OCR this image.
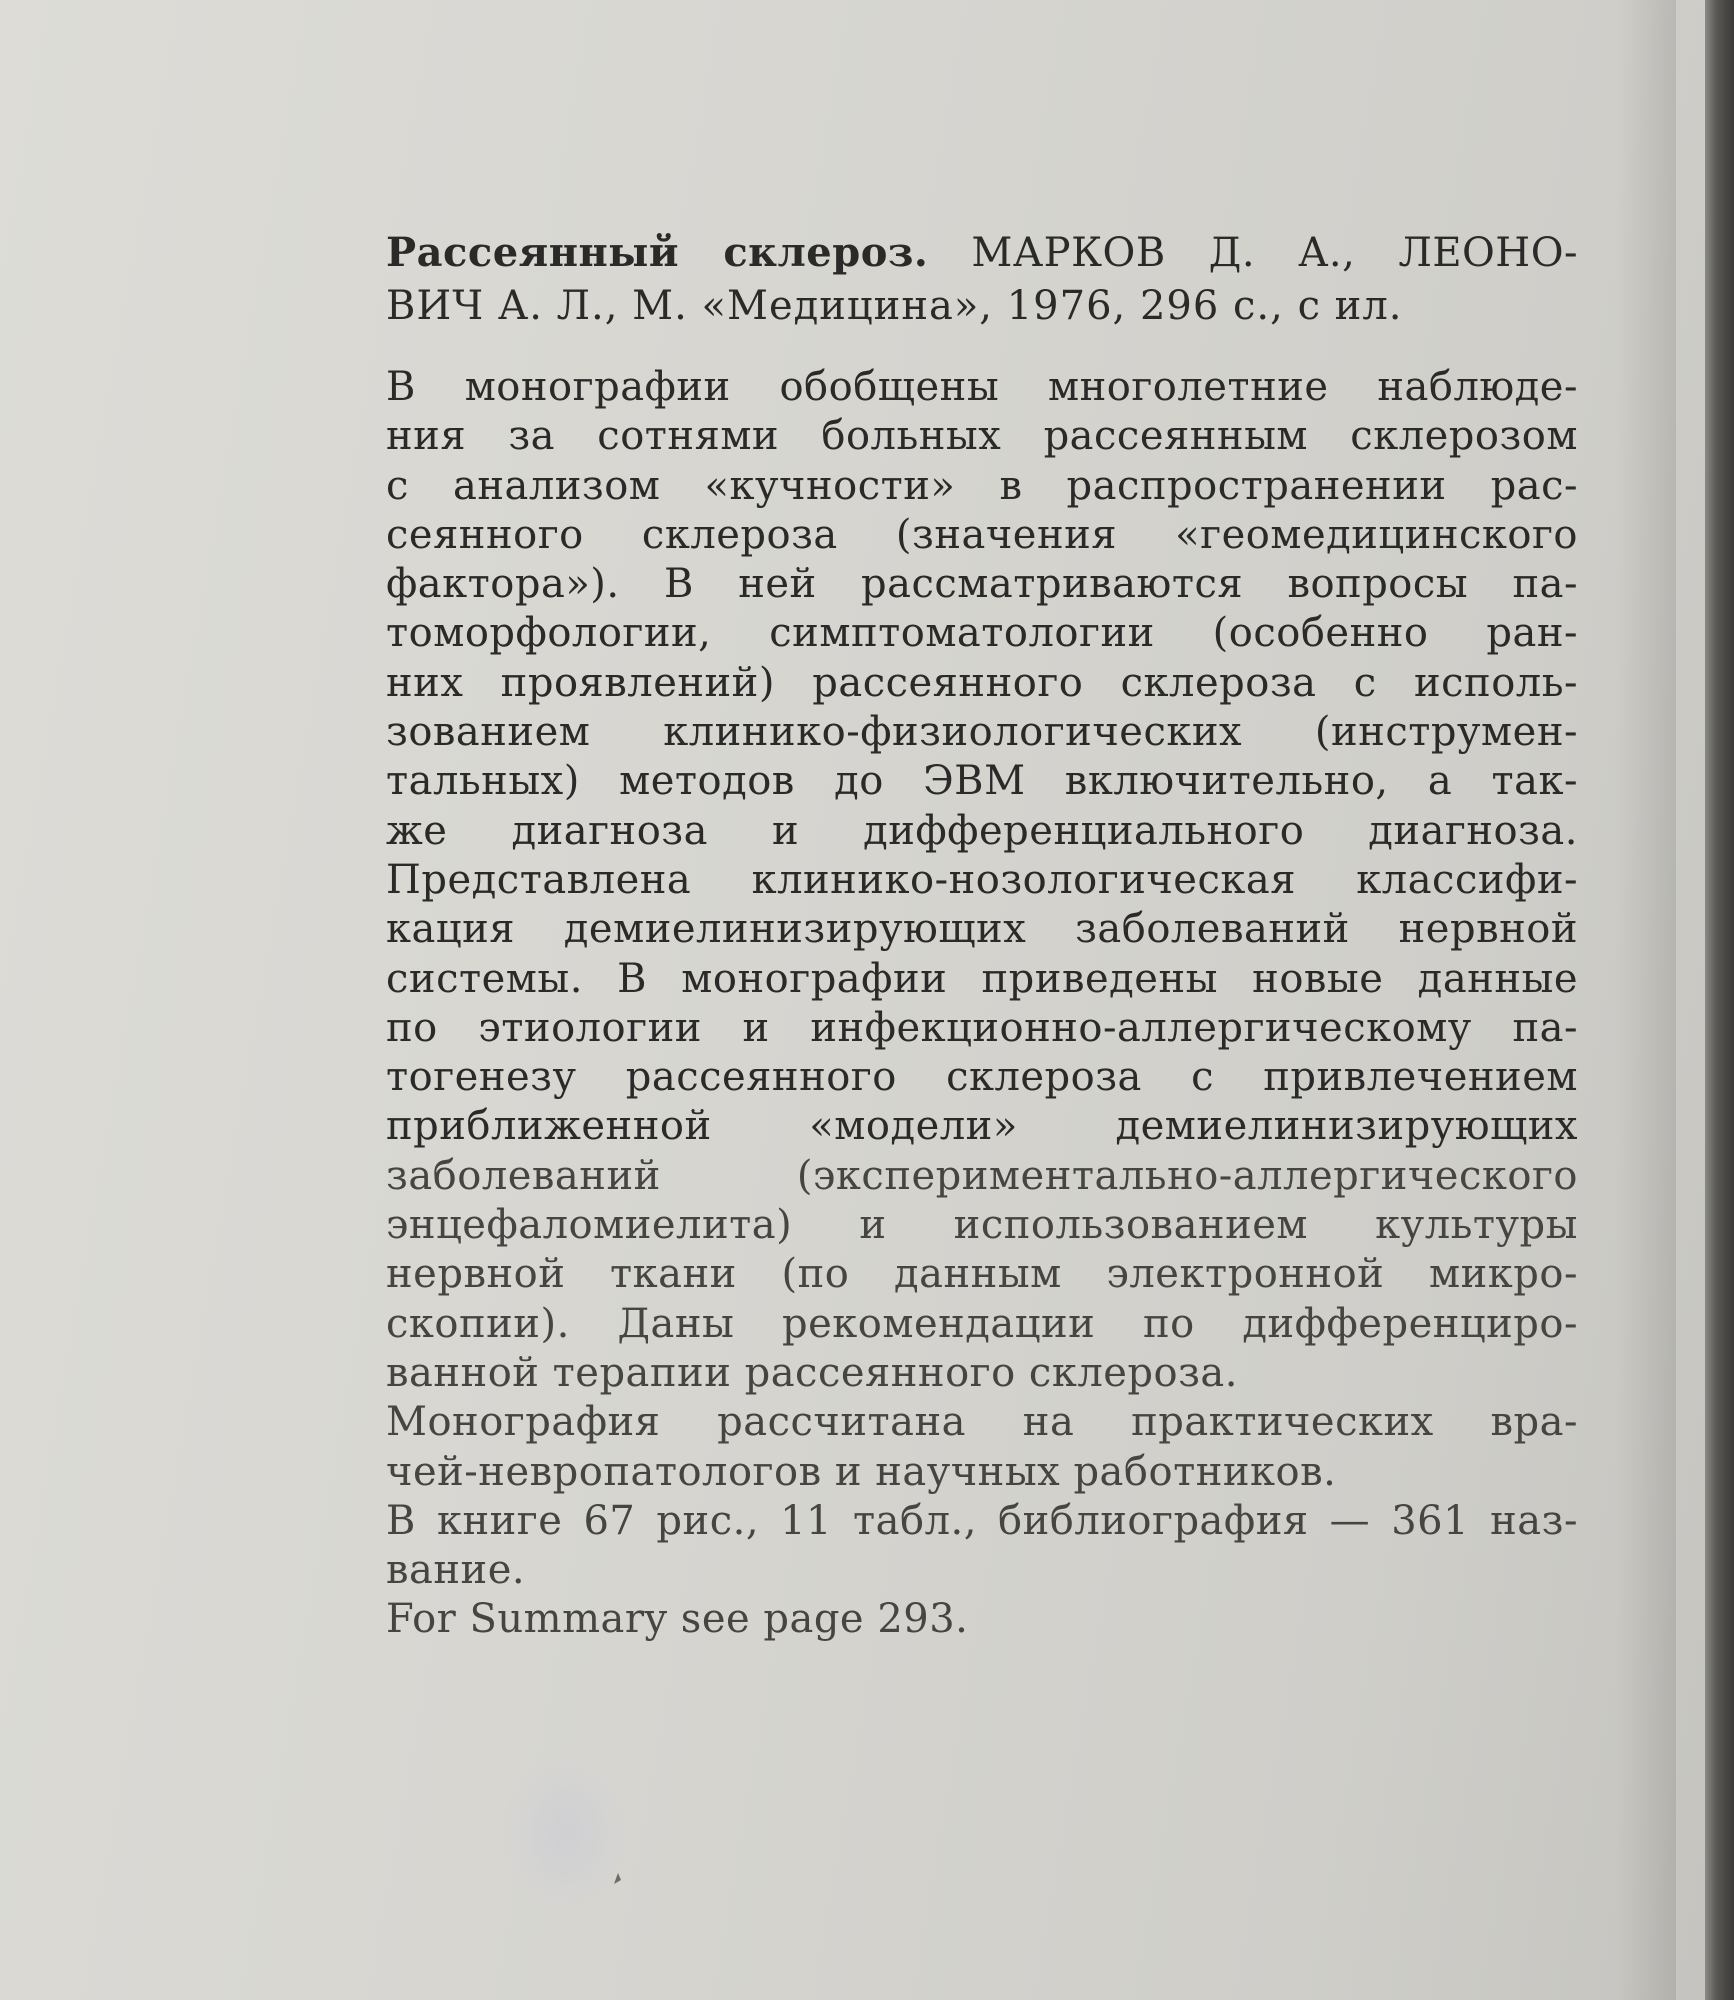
Рассеянный склероз. МАРКОВ Д. А., ЛЕОНО-
ВИЧ А. Л., М. «Медицина», 1976, 296 с., с ил.
В монографии обобщены многолетние наблюде-
ния за сотнями больных рассеянным склерозом
с анализом «кучности» в распространении рас-
сеянного склероза (значения «геомедицинского
фактора»). В ней рассматриваются вопросы па-
томорфологии, симптоматологии (особенно ран-
них проявлений) рассеянного склероза с исполь-
зованием клинико-физиологических (инструмен-
тальных) методов до ЭВМ включительно, а так-
же диагноза и дифференциального диагноза.
Представлена клинико-нозологическая классифи-
кация демиелинизирующих заболеваний нервной
системы. В монографии приведены новые данные
по этиологии и инфекционно-аллергическому па-
тогенезу рассеянного склероза с привлечением
приближенной «модели» демиелинизирующих
заболеваний (экспериментально-аллергического
энцефаломиелита) и использованием культуры
нервной ткани (по данным электронной микро-
скопии). Даны рекомендации по дифференциро-
ванной терапии рассеянного склероза.
Монография рассчитана на практических вра-
чей-невропатологов и научных работников.
В книге 67 рис., 11 табл., библиография — 361 наз-
вание.
For Summary see page 293.
